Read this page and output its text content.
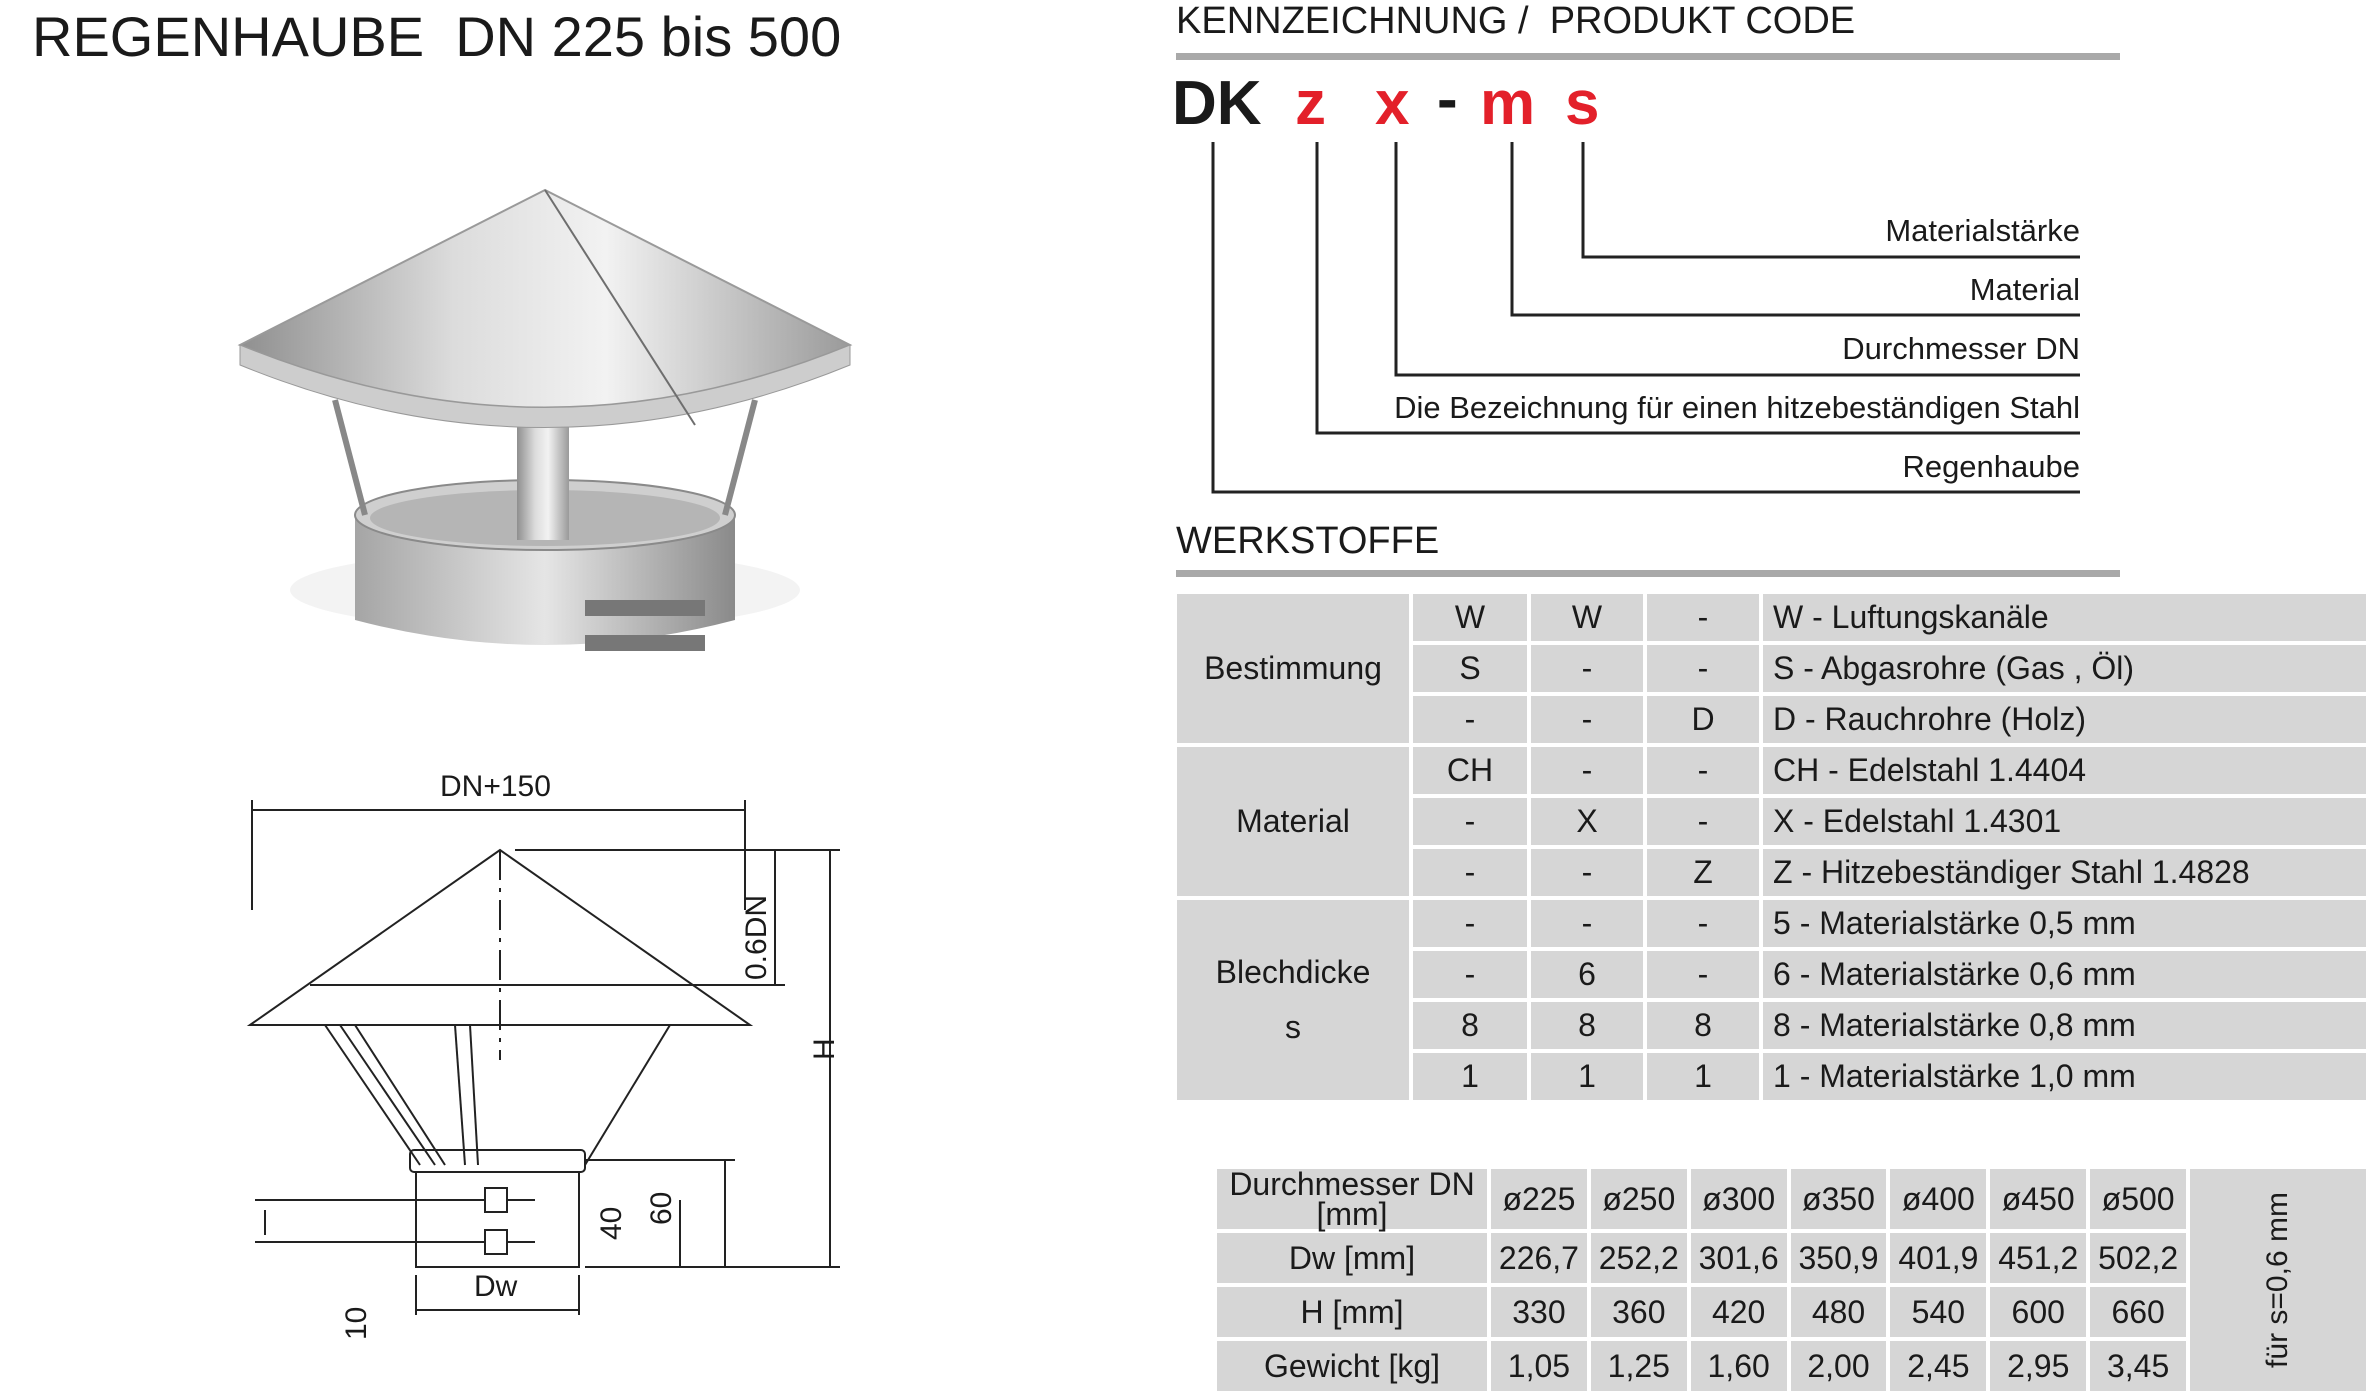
REGENHAUBE  DN 225 bis 500
DN+150
0.6DN
H
Dw
40 60
10
KENNZEICHNUNG /  PRODUKT CODE
DK z x - m s
Materialstärke
Material
Durchmesser DN
Die Bezeichnung für einen hitzebeständigen Stahl
Regenhaube
WERKSTOFFE
Bestimmung	W	W	-	W - Luftungskanäle
	S	-	-	S - Abgasrohre (Gas , Öl)
	-	-	D	D - Rauchrohre (Holz)
Material	CH	-	-	CH - Edelstahl 1.4404
	-	X	-	X - Edelstahl 1.4301
	-	-	Z	Z - Hitzebeständiger Stahl 1.4828

Blechdicke
s	-	-	-	5 - Materialstärke 0,5 mm
	-	6	-	6 - Materialstärke 0,6 mm
	8	8	8	8 - Materialstärke 0,8 mm
	1	1	1	1 - Materialstärke 1,0 mm
Durchmesser DN [mm]	ø225	ø250	ø300	ø350	ø400	ø450	ø500	für s=0,6 mm

Dw [mm]	226,7	252,2	301,6	350,9	401,9	451,2	502,2	
H [mm]	330	360	420	480	540	600	660	
Gewicht [kg]	1,05	1,25	1,60	2,00	2,45	2,95	3,45	
